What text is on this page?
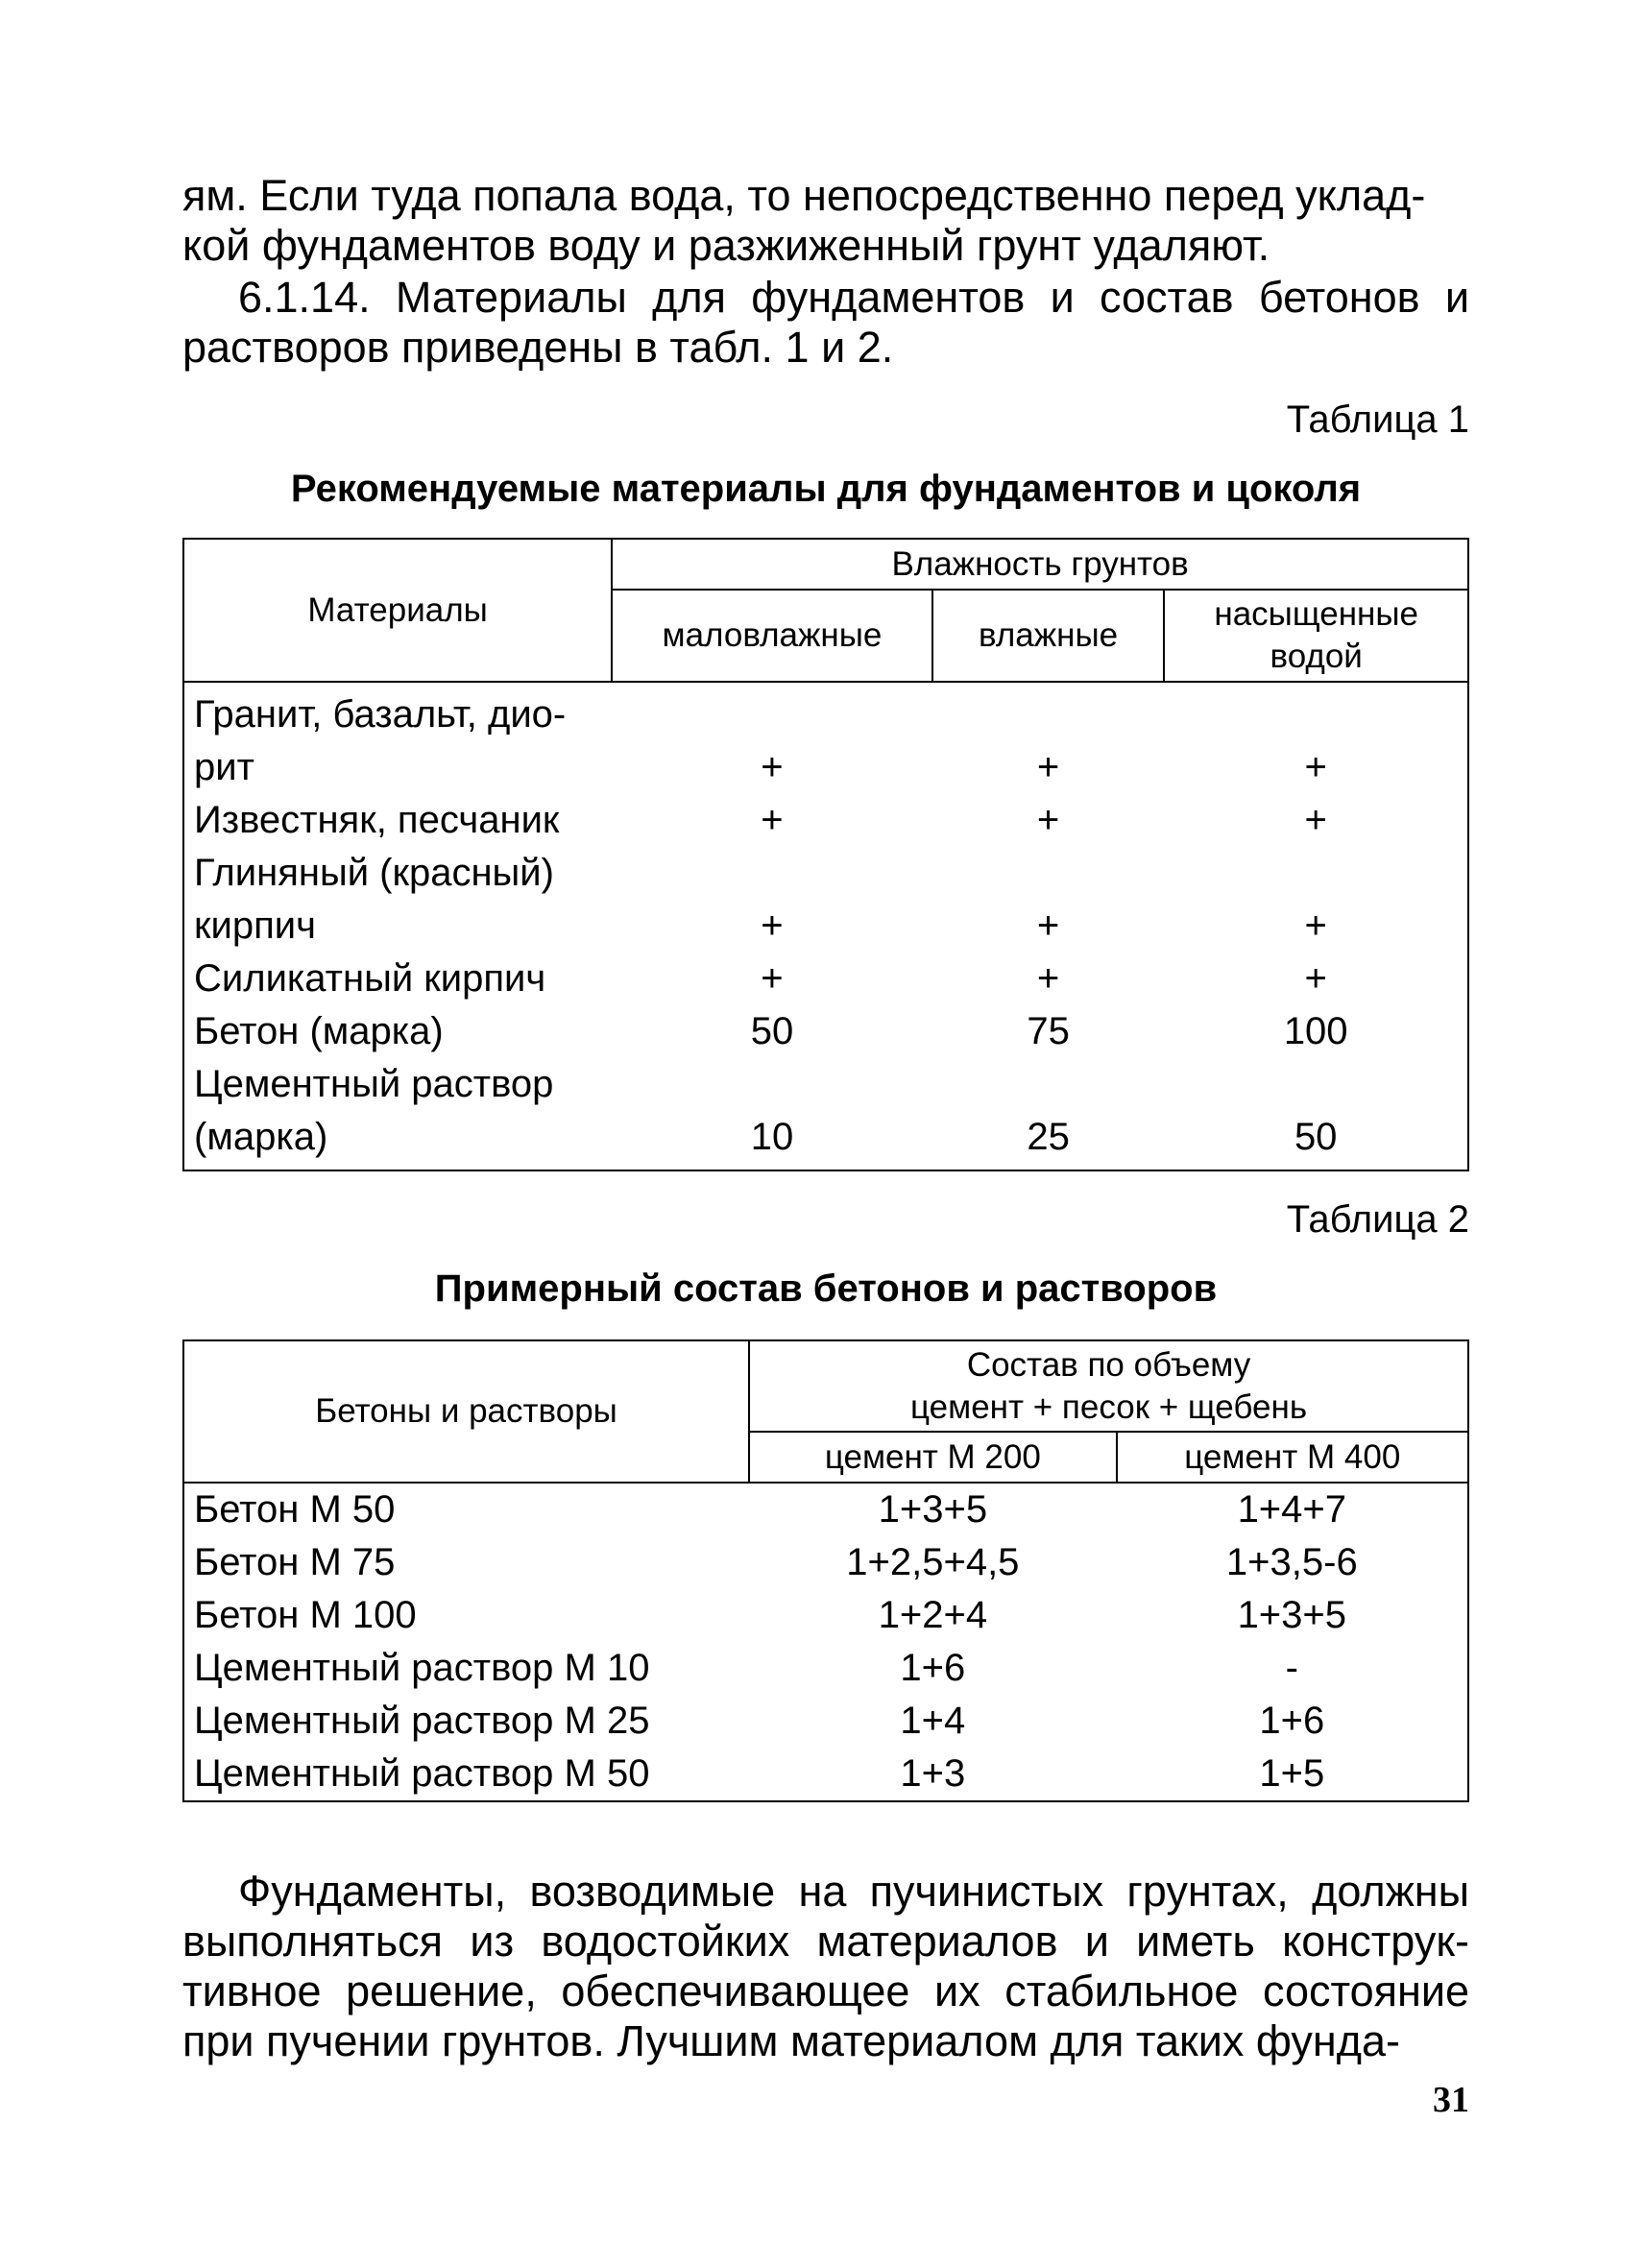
ям. Если туда попала вода, то непосредственно перед уклад-
кой фундаментов воду и разжиженный грунт удаляют.

6.1.14. Материалы для фундаментов и состав бетонов и растворов приведены в табл. 1 и 2.

Таблица 1
Рекомендуемые материалы для фундаментов и цоколя
Материалы	Влажность грунтов		
	маловлажные	влажные	насыщенные
водой
Гранит, базальт, дио-
рит	+	+	+
Известняк, песчаник	+	+	+
Глиняный (красный)
кирпич	+	+	+
Силикатный кирпич	+	+	+
Бетон (марка)	50	75	100
Цементный раствор
(марка)	10	25	50
Таблица 2
Примерный состав бетонов и растворов
Бетоны и растворы	Состав по объему
цемент + песок + щебень	
	цемент М 200	цемент М 400
Бетон М 50	1+3+5	1+4+7
Бетон М 75	1+2,5+4,5	1+3,5-6
Бетон М 100	1+2+4	1+3+5
Цементный раствор М 10	1+6	-
Цементный раствор М 25	1+4	1+6
Цементный раствор М 50	1+3	1+5

Фундаменты, возводимые на пучинистых грунтах, должны выполняться из водостойких материалов и иметь конструк-тивное решение, обеспечивающее их стабильное состояние при пучении грунтов. Лучшим материалом для таких фунда-

31
